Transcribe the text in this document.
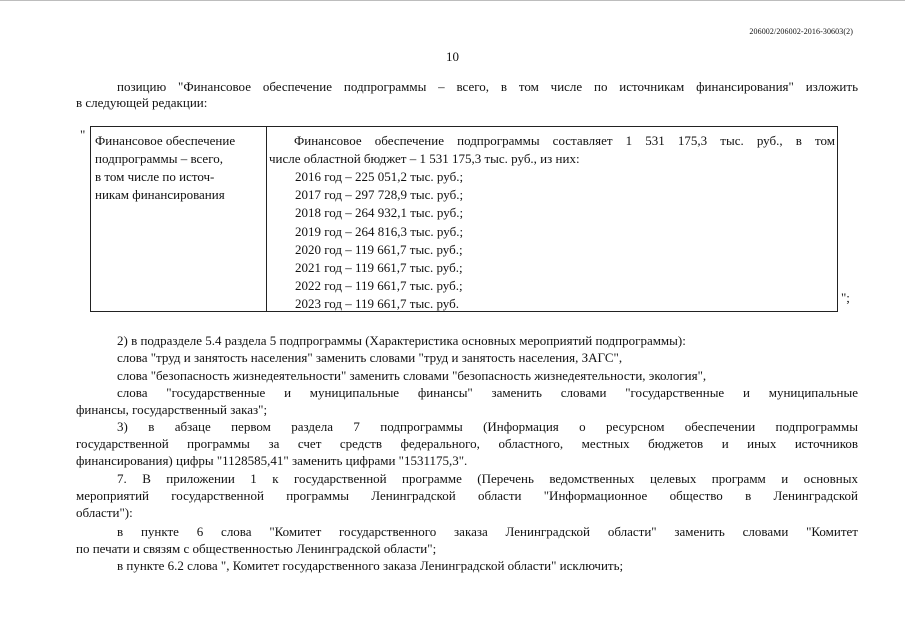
206002/206002-2016-30603(2)
10
позицию "Финансовое обеспечение подпрограммы – всего, в том числе по источникам финансирования" изложить
в следующей редакции:
" Финансовое обеспечение
подпрограммы – всего,
в том числе по источ-
никам финансирования
Финансовое обеспечение подпрограммы составляет 1 531 175,3 тыс. руб., в том
числе областной бюджет – 1 531 175,3 тыс. руб., из них:
2016 год – 225 051,2 тыс. руб.;
2017 год – 297 728,9 тыс. руб.;
2018 год – 264 932,1 тыс. руб.;
2019 год – 264 816,3 тыс. руб.;
2020 год – 119 661,7 тыс. руб.;
2021 год – 119 661,7 тыс. руб.;
2022 год – 119 661,7 тыс. руб.;
2023 год – 119 661,7 тыс. руб.	";
2) в подразделе 5.4 раздела 5 подпрограммы (Характеристика основных мероприятий подпрограммы):
слова "труд и занятость населения" заменить словами "труд и занятость населения, ЗАГС",
слова "безопасность жизнедеятельности" заменить словами "безопасность жизнедеятельности, экология",
слова "государственные и муниципальные финансы" заменить словами "государственные и муниципальные
финансы, государственный заказ";
3) в абзаце первом раздела 7 подпрограммы (Информация о ресурсном обеспечении подпрограммы
государственной программы за счет средств федерального, областного, местных бюджетов и иных источников
финансирования) цифры "1128585,41" заменить цифрами "1531175,3".
7. В приложении 1 к государственной программе (Перечень ведомственных целевых программ и основных
мероприятий государственной программы Ленинградской области "Информационное общество в Ленинградской
области"):
в пункте 6 слова "Комитет государственного заказа Ленинградской области" заменить словами "Комитет
по печати и связям с общественностью Ленинградской области";
в пункте 6.2 слова ", Комитет государственного заказа Ленинградской области" исключить;
